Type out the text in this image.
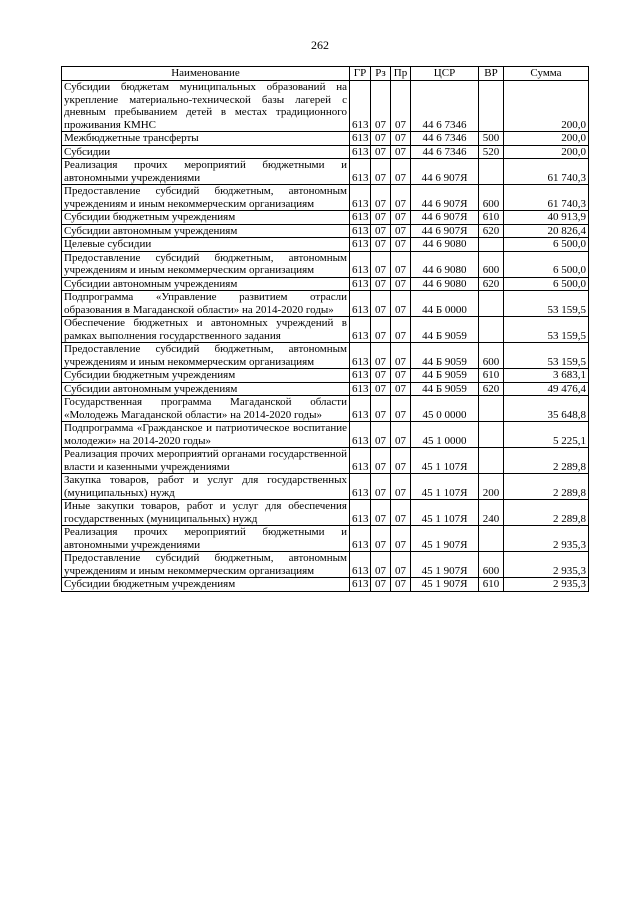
262
Наименование	ГР	Рз	Пр	ЦСР	ВР	Сумма
Субсидии бюджетам муниципальных образований на укрепление материально-технической базы лагерей с дневным пребыванием детей в местах традиционного проживания КМНС	613	07	07	44 6 7346		200,0
Межбюджетные трансферты	613	07	07	44 6 7346	500	200,0
Субсидии	613	07	07	44 6 7346	520	200,0
Реализация прочих мероприятий бюджетными и автономными учреждениями	613	07	07	44 6 907Я		61 740,3
Предоставление субсидий бюджетным, автономным учреждениям и иным некоммерческим организациям	613	07	07	44 6 907Я	600	61 740,3
Субсидии бюджетным учреждениям	613	07	07	44 6 907Я	610	40 913,9
Субсидии автономным учреждениям	613	07	07	44 6 907Я	620	20 826,4
Целевые субсидии	613	07	07	44 6 9080		6 500,0
Предоставление субсидий бюджетным, автономным учреждениям и иным некоммерческим организациям	613	07	07	44 6 9080	600	6 500,0
Субсидии автономным учреждениям	613	07	07	44 6 9080	620	6 500,0
Подпрограмма «Управление развитием отрасли образования в Магаданской области» на 2014-2020 годы»	613	07	07	44 Б 0000		53 159,5
Обеспечение бюджетных и автономных учреждений в рамках выполнения государственного задания	613	07	07	44 Б 9059		53 159,5
Предоставление субсидий бюджетным, автономным учреждениям и иным некоммерческим организациям	613	07	07	44 Б 9059	600	53 159,5
Субсидии бюджетным учреждениям	613	07	07	44 Б 9059	610	3 683,1
Субсидии автономным учреждениям	613	07	07	44 Б 9059	620	49 476,4
Государственная программа Магаданской области «Молодежь Магаданской области» на 2014-2020 годы»	613	07	07	45 0 0000		35 648,8
Подпрограмма «Гражданское и патриотическое воспитание молодежи» на 2014-2020 годы»	613	07	07	45 1 0000		5 225,1
Реализация прочих мероприятий органами государственной власти и казенными учреждениями	613	07	07	45 1 107Я		2 289,8
Закупка товаров, работ и услуг для государственных (муниципальных) нужд	613	07	07	45 1 107Я	200	2 289,8
Иные закупки товаров, работ и услуг для обеспечения государственных (муниципальных) нужд	613	07	07	45 1 107Я	240	2 289,8
Реализация прочих мероприятий бюджетными и автономными учреждениями	613	07	07	45 1 907Я		2 935,3
Предоставление субсидий бюджетным, автономным учреждениям и иным некоммерческим организациям	613	07	07	45 1 907Я	600	2 935,3
Субсидии бюджетным учреждениям	613	07	07	45 1 907Я	610	2 935,3
